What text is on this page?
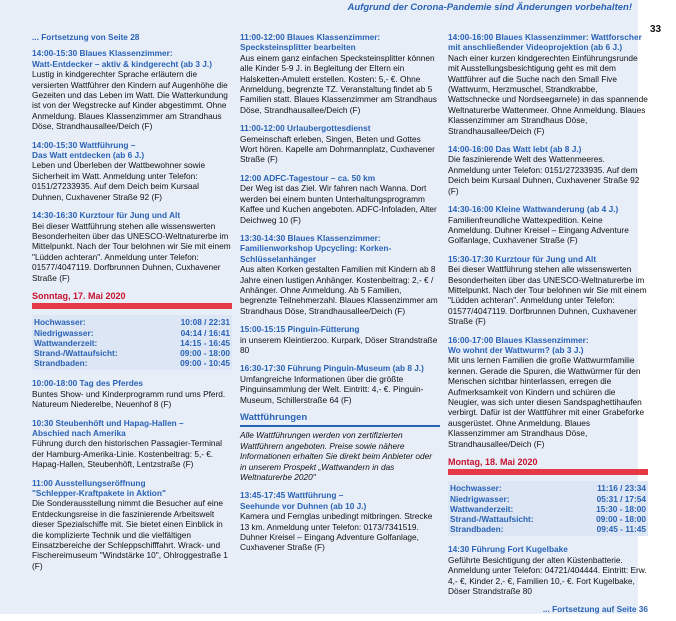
Aufgrund der Corona-Pandemie sind Änderungen vorbehalten!
33
... Fortsetzung von Seite 28
14:00-15:30 Blaues Klassenzimmer:
Watt-Entdecker – aktiv & kindgerecht (ab 3 J.)
Lustig in kindgerechter Sprache erläutern die versierten Wattführer den Kindern auf Augenhöhe die Gezeiten und das Leben im Watt. Die Watterkundung ist von der Wegstrecke auf Kinder abgestimmt. Ohne Anmeldung. Blaues Klassenzimmer am Strandhaus Döse, Strandhausallee/Deich (F)
14:00-15:30 Wattführung –
Das Watt entdecken (ab 6 J.)
Leben und Überleben der Wattbewohner sowie Sicherheit im Watt. Anmeldung unter Telefon: 0151/27233935. Auf dem Deich beim Kursaal Duhnen, Cuxhavener Straße 92 (F)
14:30-16:30 Kurztour für Jung und Alt
Bei dieser Wattführung stehen alle wissenswerten Besonderheiten über das UNESCO-Weltnaturerbe im Mittelpunkt. Nach der Tour belohnen wir Sie mit einem "Lüdden achteran". Anmeldung unter Telefon: 01577/4047119. Dorfbrunnen Duhnen, Cuxhavener Straße (F)
Sonntag, 17. Mai 2020
Hochwasser:	10:08 / 22:31
Niedrigwasser:	04:14 / 16:41
Wattwanderzeit:	14:15 - 16:45
Strand-/Wattaufsicht:	09:00 - 18:00
Strandbaden:	09:00 - 10:45
10:00-18:00 Tag des Pferdes
Buntes Show- und Kinderprogramm rund ums Pferd. Natureum Niederelbe, Neuenhof 8 (F)
10:30 Steubenhöft und Hapag-Hallen –
Abschied nach Amerika
Führung durch den historischen Passagier-Terminal der Hamburg-Amerika-Linie. Kostenbeitrag: 5,- €. Hapag-Hallen, Steubenhöft, Lentzstraße (F)
11:00 Ausstellungseröffnung
"Schlepper-Kraftpakete in Aktion"
Die Sonderausstellung nimmt die Besucher auf eine Entdeckungsreise in die faszinierende Arbeitswelt dieser Spezialschiffe mit. Sie bietet einen Einblick in die komplizierte Technik und die vielfältigen Einsatzbereiche der Schleppschifffahrt. Wrack- und Fischereimuseum "Windstärke 10", Ohlroggestraße 1 (F)
11:00-12:00 Blaues Klassenzimmer:
Specksteinsplitter bearbeiten
Aus einem ganz einfachen Specksteinsplitter können alle Kinder 5-9 J. in Begleitung der Eltern ein Halsketten-Amulett erstellen. Kosten: 5,- €. Ohne Anmeldung, begrenzte TZ. Veranstaltung findet ab 5 Familien statt. Blaues Klassenzimmer am Strandhaus Döse, Strandhausallee/Deich (F)
11:00-12:00 Urlaubergottesdienst
Gemeinschaft erleben, Singen, Beten und Gottes Wort hören. Kapelle am Dohrmannplatz, Cuxhavener Straße (F)
12:00 ADFC-Tagestour – ca. 50 km
Der Weg ist das Ziel. Wir fahren nach Wanna. Dort werden bei einem bunten Unterhaltungsprogramm Kaffee und Kuchen angeboten. ADFC-Infoladen, Alter Deichweg 10 (F)
13:30-14:30 Blaues Klassenzimmer:
Familienworkshop Upcycling: Korken-Schlüsselanhänger
Aus alten Korken gestalten Familien mit Kindern ab 8 Jahre einen lustigen Anhänger. Kostenbeitrag: 2,- € / Anhänger. Ohne Anmeldung. Ab 5 Familien, begrenzte Teilnehmerzahl. Blaues Klassenzimmer am Strandhaus Döse, Strandhausallee/Deich (F)
15:00-15:15 Pinguin-Fütterung
in unserem Kleintierzoo. Kurpark, Döser Strandstraße 80
16:30-17:30 Führung Pinguin-Museum (ab 8 J.)
Umfangreiche Informationen über die größte Pinguinsammlung der Welt. Eintritt: 4,- €. Pinguin-Museum, Schillerstraße 64 (F)
Wattführungen
Alle Wattführungen werden von zertifizierten Wattführern angeboten. Preise sowie nähere Informationen erhalten Sie direkt beim Anbieter oder in unserem Prospekt „Wattwandern in das Weltnaturerbe 2020"
13:45-17:45 Wattführung –
Seehunde vor Duhnen (ab 10 J.)
Kamera und Fernglas unbedingt mitbringen. Strecke 13 km. Anmeldung unter Telefon: 0173/7341519. Duhner Kreisel – Eingang Adventure Golfanlage, Cuxhavener Straße (F)
14:00-16:00 Blaues Klassenzimmer: Wattforscher
mit anschließender Videoprojektion (ab 6 J.)
Nach einer kurzen kindgerechten Einführungsrunde mit Ausstellungsbesichtigung geht es mit dem Wattführer auf die Suche nach den Small Five (Wattwurm, Herzmuschel, Strandkrabbe, Wattschnecke und Nordseegarnele) in das spannende Weltnaturerbe Wattenmeer. Ohne Anmeldung. Blaues Klassenzimmer am Strandhaus Döse, Strandhausallee/Deich (F)
14:00-16:00 Das Watt lebt (ab 8 J.)
Die faszinierende Welt des Wattenmeeres. Anmeldung unter Telefon: 0151/27233935. Auf dem Deich beim Kursaal Duhnen, Cuxhavener Straße 92 (F)
14:30-16:00 Kleine Wattwanderung (ab 4 J.)
Familienfreundliche Wattexpedition. Keine Anmeldung. Duhner Kreisel – Eingang Adventure Golfanlage, Cuxhavener Straße (F)
15:30-17:30 Kurztour für Jung und Alt
Bei dieser Wattführung stehen alle wissenswerten Besonderheiten über das UNESCO-Weltnaturerbe im Mittelpunkt. Nach der Tour belohnen wir Sie mit einem "Lüdden achteran". Anmeldung unter Telefon: 01577/4047119. Dorfbrunnen Duhnen, Cuxhavener Straße (F)
16:00-17:00 Blaues Klassenzimmer:
Wo wohnt der Wattwurm? (ab 3 J.)
Mit uns lernen Familien die große Wattwurmfamilie kennen. Gerade die Spuren, die Wattwürmer für den Menschen sichtbar hinterlassen, erregen die Aufmerksamkeit von Kindern und schüren die Neugier, was sich unter diesen Sandspaghettihaufen verbirgt. Dafür ist der Wattführer mit einer Grabeforke ausgerüstet. Ohne Anmeldung. Blaues Klassenzimmer am Strandhaus Döse, Strandhausallee/Deich (F)
Montag, 18. Mai 2020
Hochwasser:	11:16 / 23:34
Niedrigwasser:	05:31 / 17:54
Wattwanderzeit:	15:30 - 18:00
Strand-/Wattaufsicht:	09:00 - 18:00
Strandbaden:	09:45 - 11:45
14:30 Führung Fort Kugelbake
Geführte Besichtigung der alten Küstenbatterie. Anmeldung unter Telefon: 04721/404444. Eintritt: Erw. 4,- €, Kinder 2,- €, Familien 10,- €. Fort Kugelbake, Döser Strandstraße 80
... Fortsetzung auf Seite 36
